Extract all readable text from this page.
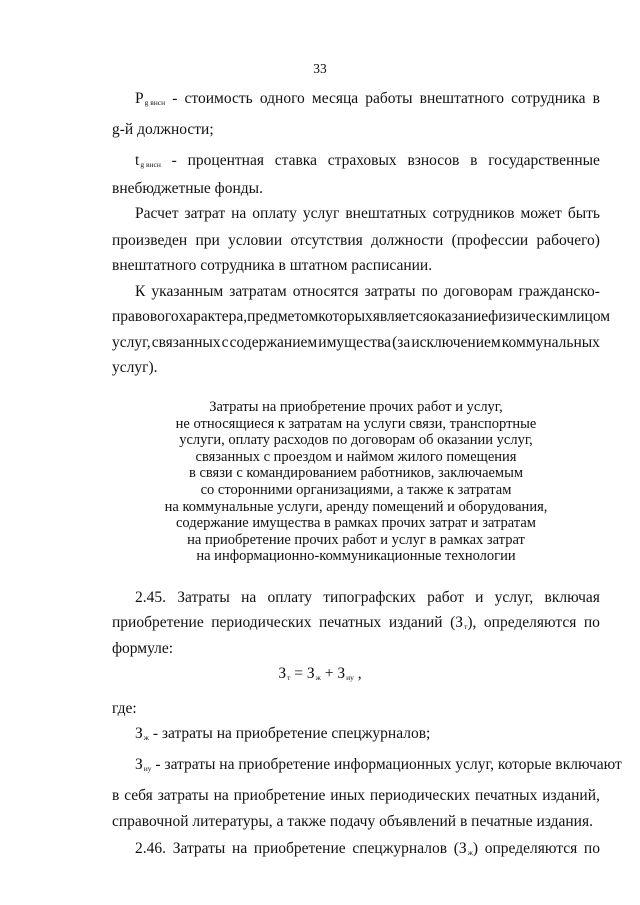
33
$Р_{g внсн}$ - стоимость одного месяца работы внештатного сотрудника в
g-й должности;
$t_{g внсн}$ - процентная ставка страховых взносов в государственные
внебюджетные фонды.
Расчет затрат на оплату услуг внештатных сотрудников может быть
произведен при условии отсутствия должности (профессии рабочего)
внештатного сотрудника в штатном расписании.
К указанным затратам относятся затраты по договорам гражданско-
правового характера, предметом которых является оказание физическим лицом
услуг, связанных с содержанием имущества (за исключением коммунальных
услуг).
Затраты на приобретение прочих работ и услуг,
не относящиеся к затратам на услуги связи, транспортные
услуги, оплату расходов по договорам об оказании услуг,
связанных с проездом и наймом жилого помещения
в связи с командированием работников, заключаемым
со сторонними организациями, а также к затратам
на коммунальные услуги, аренду помещений и оборудования,
содержание имущества в рамках прочих затрат и затратам
на приобретение прочих работ и услуг в рамках затрат
на информационно-коммуникационные технологии
2.45. Затраты на оплату типографских работ и услуг, включая
приобретение периодических печатных изданий $(З_т)$, определяются по
формуле:
$З_т = З_ж + З_{иу}$ ,
где:
$З_ж$ - затраты на приобретение спецжурналов;
$З_{иу}$ - затраты на приобретение информационных услуг, которые включают
в себя затраты на приобретение иных периодических печатных изданий,
справочной литературы, а также подачу объявлений в печатные издания.
2.46. Затраты на приобретение спецжурналов $(З_ж)$ определяются по
